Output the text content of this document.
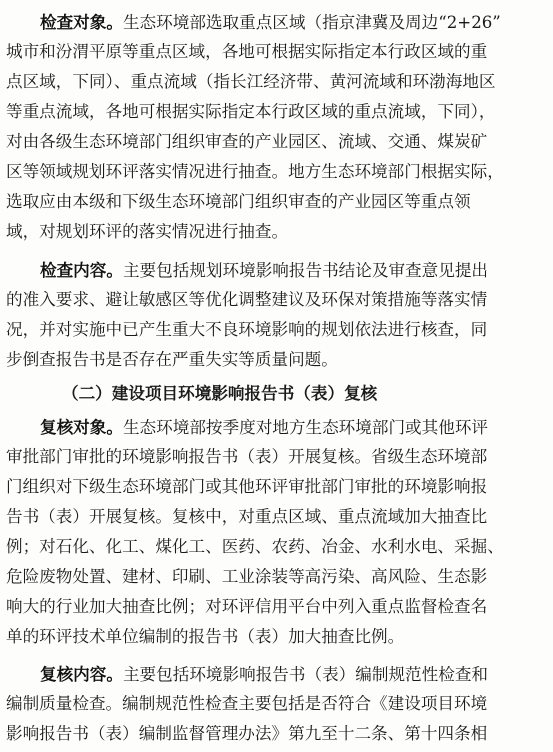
检查对象。生态环境部选取重点区域（指京津冀及周边“2+26”
城市和汾渭平原等重点区域，各地可根据实际指定本行政区域的重
点区域，下同）、重点流域（指长江经济带、黄河流域和环渤海地区
等重点流域，各地可根据实际指定本行政区域的重点流域，下同），
对由各级生态环境部门组织审查的产业园区、流域、交通、煤炭矿
区等领域规划环评落实情况进行抽查。地方生态环境部门根据实际，
选取应由本级和下级生态环境部门组织审查的产业园区等重点领
域，对规划环评的落实情况进行抽查。
检查内容。主要包括规划环境影响报告书结论及审查意见提出
的准入要求、避让敏感区等优化调整建议及环保对策措施等落实情
况，并对实施中已产生重大不良环境影响的规划依法进行核查，同
步倒查报告书是否存在严重失实等质量问题。
（二）建设项目环境影响报告书（表）复核
复核对象。生态环境部按季度对地方生态环境部门或其他环评
审批部门审批的环境影响报告书（表）开展复核。省级生态环境部
门组织对下级生态环境部门或其他环评审批部门审批的环境影响报
告书（表）开展复核。复核中，对重点区域、重点流域加大抽查比
例；对石化、化工、煤化工、医药、农药、冶金、水利水电、采掘、
危险废物处置、建材、印刷、工业涂装等高污染、高风险、生态影
响大的行业加大抽查比例；对环评信用平台中列入重点监督检查名
单的环评技术单位编制的报告书（表）加大抽查比例。
复核内容。主要包括环境影响报告书（表）编制规范性检查和
编制质量检查。编制规范性检查主要包括是否符合《建设项目环境
影响报告书（表）编制监督管理办法》第九至十二条、第十四条相
